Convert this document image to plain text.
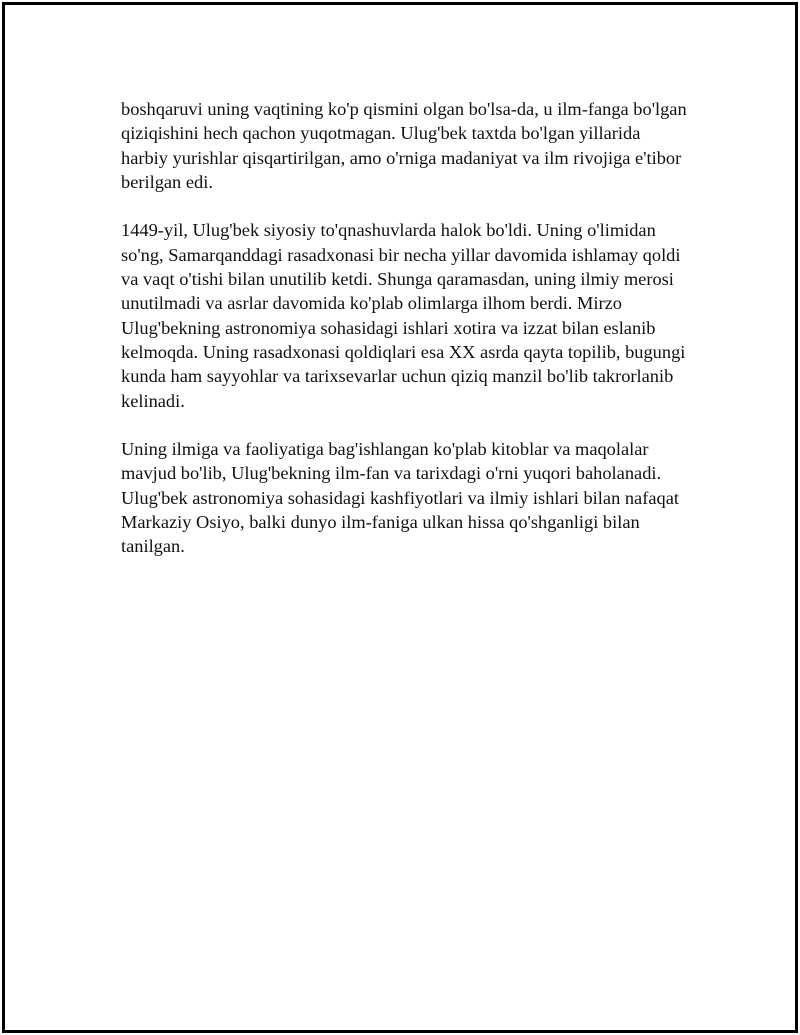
boshqaruvi uning vaqtining ko'p qismini olgan bo'lsa-da, u ilm-fanga bo'lgan qiziqishini hech qachon yuqotmagan. Ulug'bek taxtda bo'lgan yillarida harbiy yurishlar qisqartirilgan, amo o'rniga madaniyat va ilm rivojiga e'tibor berilgan edi.

1449-yil, Ulug'bek siyosiy to'qnashuvlarda halok bo'ldi. Uning o'limidan so'ng, Samarqanddagi rasadxonasi bir necha yillar davomida ishlamay qoldi va vaqt o'tishi bilan unutilib ketdi. Shunga qaramasdan, uning ilmiy merosi unutilmadi va asrlar davomida ko'plab olimlarga ilhom berdi. Mirzo Ulug'bekning astronomiya sohasidagi ishlari xotira va izzat bilan eslanib kelmoqda. Uning rasadxonasi qoldiqlari esa XX asrda qayta topilib, bugungi kunda ham sayyohlar va tarixsevarlar uchun qiziq manzil bo'lib takrorlanib kelinadi.

Uning ilmiga va faoliyatiga bag'ishlangan ko'plab kitoblar va maqolalar mavjud bo'lib, Ulug'bekning ilm-fan va tarixdagi o'rni yuqori baholanadi. Ulug'bek astronomiya sohasidagi kashfiyotlari va ilmiy ishlari bilan nafaqat Markaziy Osiyo, balki dunyo ilm-faniga ulkan hissa qo'shganligi bilan tanilgan.
